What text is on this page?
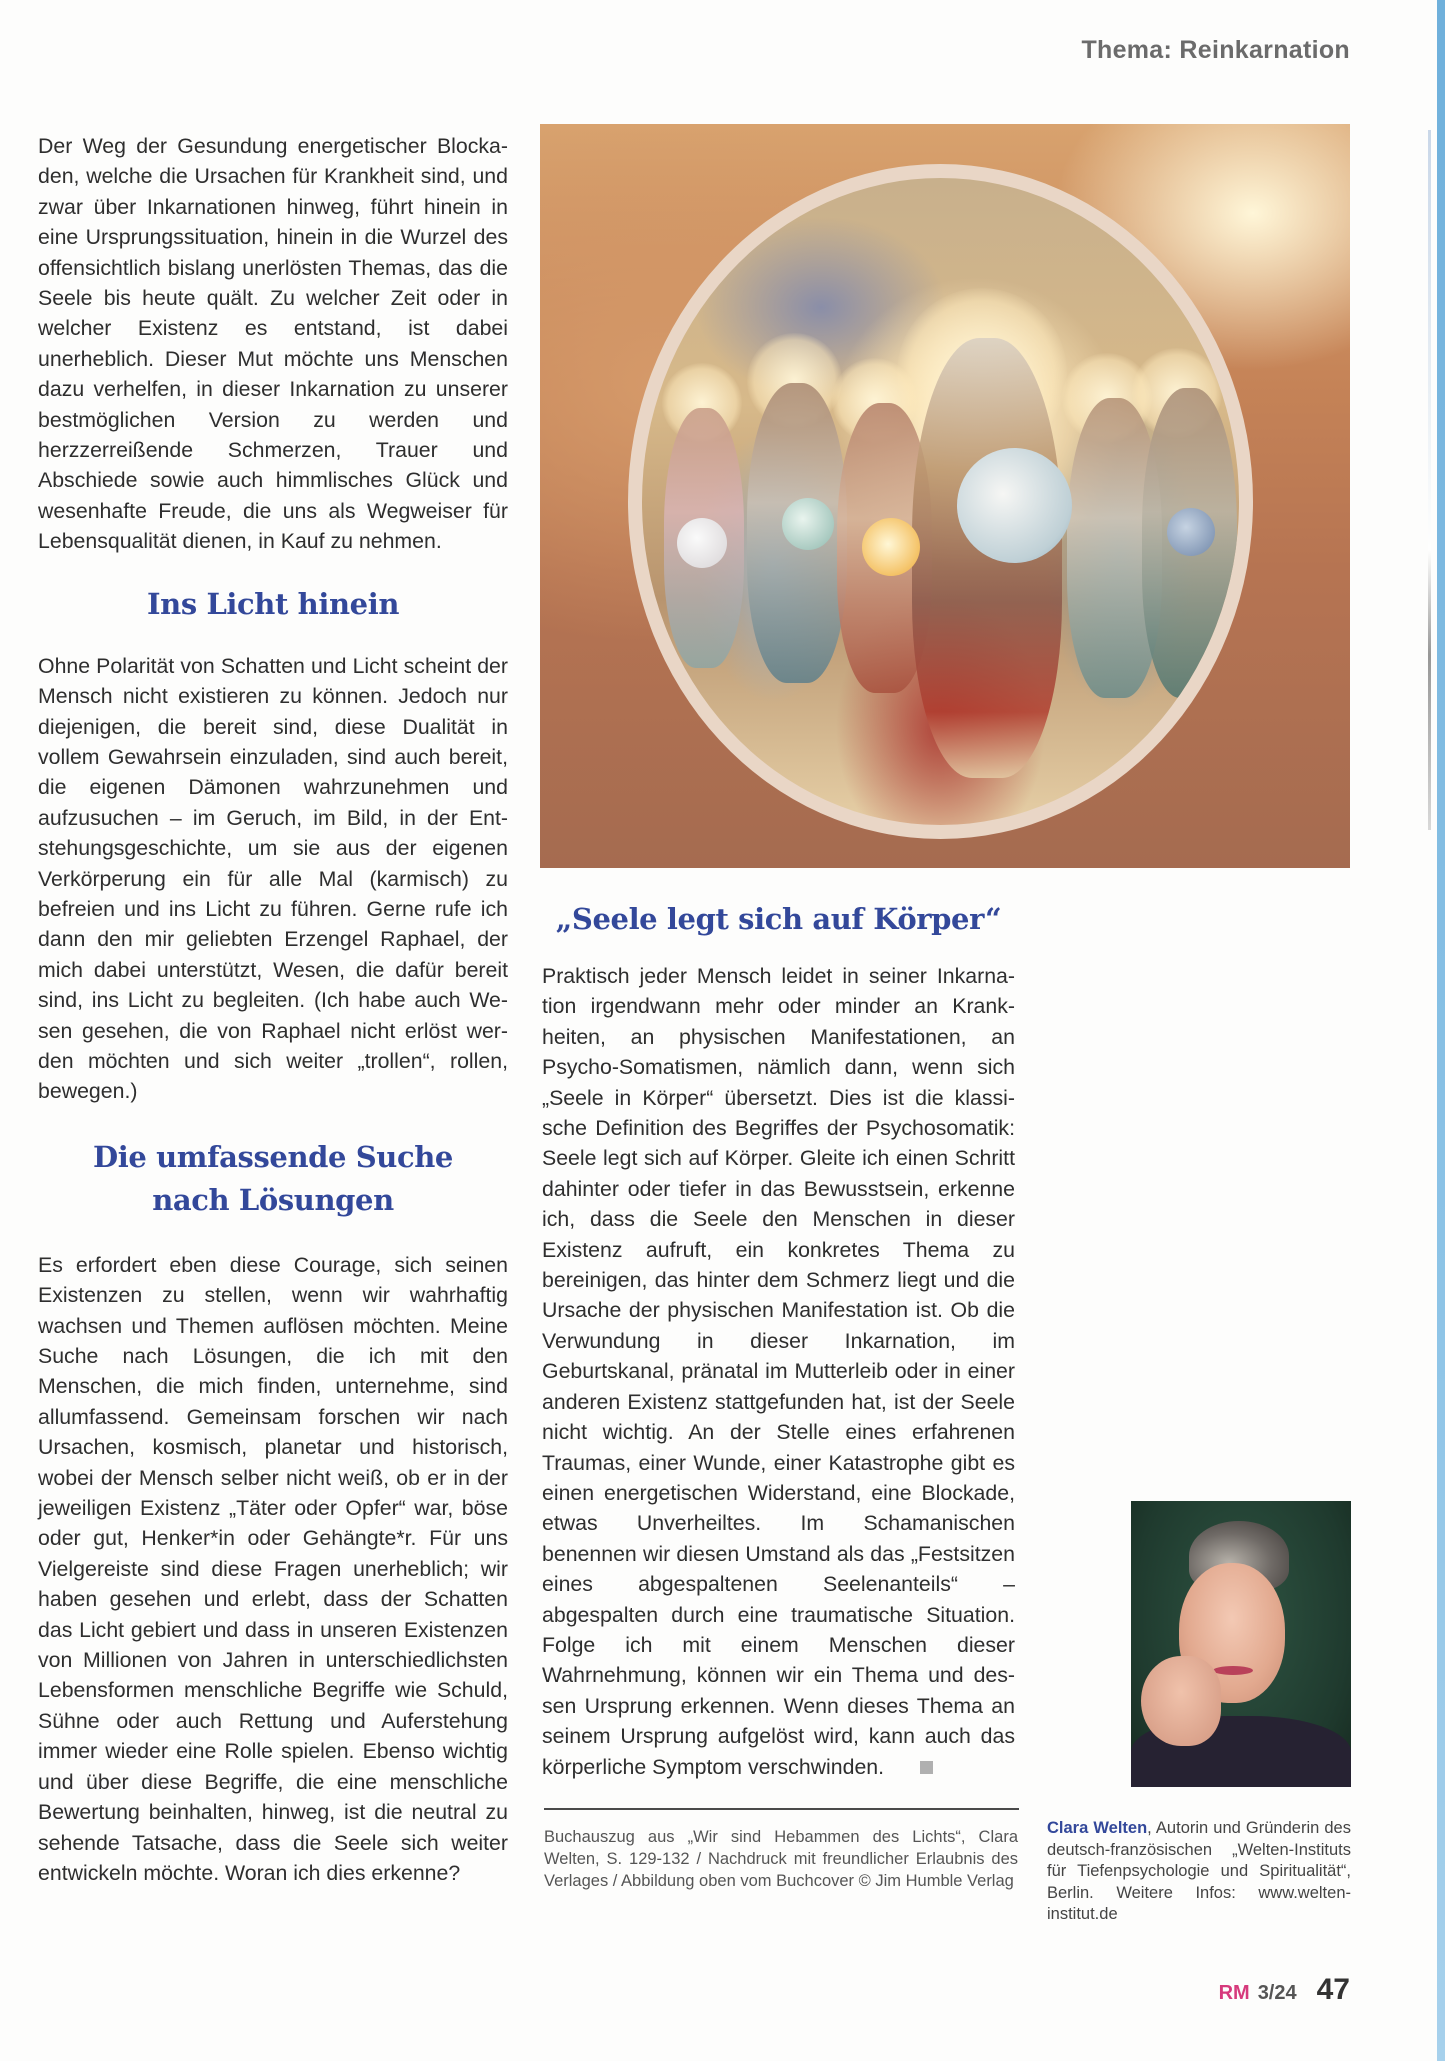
Thema: Reinkarnation

Der Weg der Gesundung energetischer Blockaden, welche die Ursachen für Krankheit sind, und zwar über Inkarnationen hinweg, führt hinein in eine Ursprungssituation, hinein in die Wurzel des offensichtlich bislang unerlösten Themas, das die Seele bis heute quält. Zu welcher Zeit oder in welcher Existenz es entstand, ist dabei unerheblich. Dieser Mut möchte uns Menschen dazu verhelfen, in dieser Inkarnation zu unserer bestmöglichen Version zu werden und herzzerreißende Schmerzen, Trauer und Abschiede sowie auch himmlisches Glück und wesenhafte Freude, die uns als Wegweiser für Lebensqualität dienen, in Kauf zu nehmen.

Ins Licht hinein

Ohne Polarität von Schatten und Licht scheint der Mensch nicht existieren zu können. Jedoch nur diejenigen, die bereit sind, diese Dualität in vollem Gewahrsein einzuladen, sind auch bereit, die eigenen Dämonen wahrzunehmen und aufzusuchen – im Geruch, im Bild, in der Entstehungsgeschichte, um sie aus der eigenen Verkörperung ein für alle Mal (karmisch) zu befreien und ins Licht zu führen. Gerne rufe ich dann den mir geliebten Erzengel Raphael, der mich dabei unterstützt, Wesen, die dafür bereit sind, ins Licht zu begleiten. (Ich habe auch Wesen gesehen, die von Raphael nicht erlöst werden möchten und sich weiter „trollen“, rollen, bewegen.)

Die umfassende Suche
nach Lösungen

Es erfordert eben diese Courage, sich seinen Existenzen zu stellen, wenn wir wahrhaftig wachsen und Themen auflösen möchten. Meine Suche nach Lösungen, die ich mit den Menschen, die mich finden, unternehme, sind allumfassend. Gemeinsam forschen wir nach Ursachen, kosmisch, planetar und historisch, wobei der Mensch selber nicht weiß, ob er in der jeweiligen Existenz „Täter oder Opfer“ war, böse oder gut, Henker*in oder Gehängte*r. Für uns Vielgereiste sind diese Fragen unerheblich; wir haben gesehen und erlebt, dass der Schatten das Licht gebiert und dass in unseren Existenzen von Millionen von Jahren in unterschiedlichsten Lebensformen menschliche Begriffe wie Schuld, Sühne oder auch Rettung und Auferstehung immer wieder eine Rolle spielen. Ebenso wichtig und über diese Begriffe, die eine menschliche Bewertung beinhalten, hinweg, ist die neutral zu sehende Tatsache, dass die Seele sich weiter entwickeln möchte. Woran ich dies erkenne?

„Seele legt sich auf Körper“

Praktisch jeder Mensch leidet in seiner Inkarnation irgendwann mehr oder minder an Krankheiten, an physischen Manifestationen, an Psycho-Somatismen, nämlich dann, wenn sich „Seele in Körper“ übersetzt. Dies ist die klassische Definition des Begriffes der Psychosomatik: Seele legt sich auf Körper. Gleite ich einen Schritt dahinter oder tiefer in das Bewusstsein, erkenne ich, dass die Seele den Menschen in dieser Existenz aufruft, ein konkretes Thema zu bereinigen, das hinter dem Schmerz liegt und die Ursache der physischen Manifestation ist. Ob die Verwundung in dieser Inkarnation, im Geburtskanal, pränatal im Mutterleib oder in einer anderen Existenz stattgefunden hat, ist der Seele nicht wichtig. An der Stelle eines erfahrenen Traumas, einer Wunde, einer Katastrophe gibt es einen energetischen Widerstand, eine Blockade, etwas Unverheiltes. Im Schamanischen benennen wir diesen Umstand als das „Festsitzen eines abgespaltenen Seelenanteils“ – abgespalten durch eine traumatische Situation. Folge ich mit einem Menschen dieser Wahrnehmung, können wir ein Thema und dessen Ursprung erkennen. Wenn dieses Thema an seinem Ursprung aufgelöst wird, kann auch das körperliche Symptom verschwinden.

Buchauszug aus „Wir sind Hebammen des Lichts“, Clara Welten, S. 129-132 / Nachdruck mit freundlicher Erlaubnis des Verlages / Abbildung oben vom Buchcover © Jim Humble Verlag
Clara Welten, Autorin und Gründerin des deutsch-französischen „Welten-Instituts für Tiefenpsychologie und Spiritualität“, Berlin. Weitere Infos: www.welten-institut.de
RM 3/24 47
